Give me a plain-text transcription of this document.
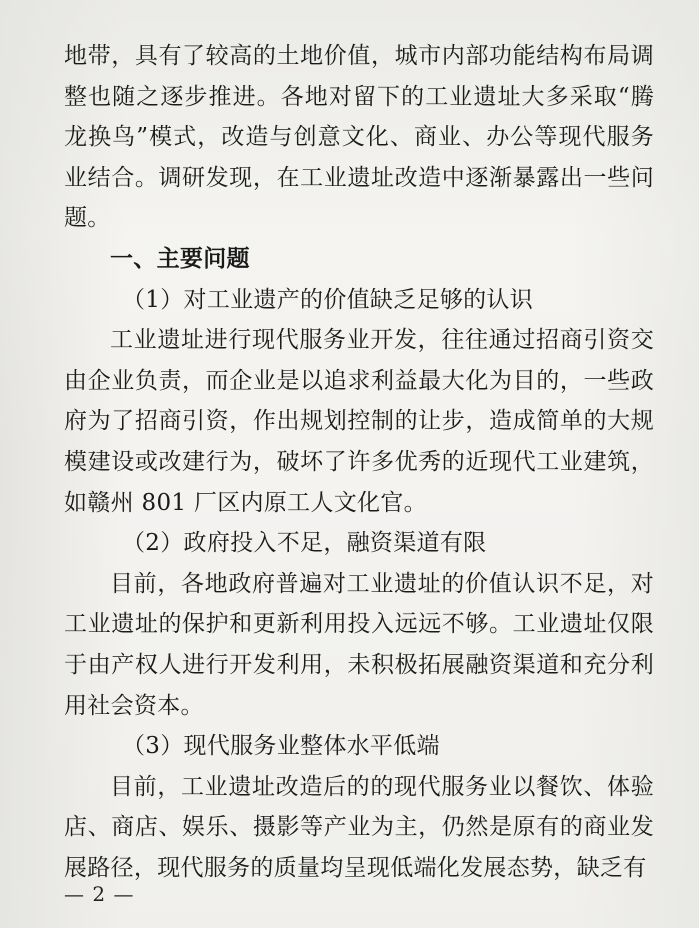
地带，具有了较高的土地价值，城市内部功能结构布局调整也随之逐步推进。各地对留下的工业遗址大多采取“腾龙换鸟”模式，改造与创意文化、商业、办公等现代服务业结合。调研发现，在工业遗址改造中逐渐暴露出一些问题。

一、主要问题

（1）对工业遗产的价值缺乏足够的认识

工业遗址进行现代服务业开发，往往通过招商引资交由企业负责，而企业是以追求利益最大化为目的，一些政府为了招商引资，作出规划控制的让步，造成简单的大规模建设或改建行为，破坏了许多优秀的近现代工业建筑，如赣州 801 厂区内原工人文化官。

（2）政府投入不足，融资渠道有限

目前，各地政府普遍对工业遗址的价值认识不足，对工业遗址的保护和更新利用投入远远不够。工业遗址仅限于由产权人进行开发利用，未积极拓展融资渠道和充分利用社会资本。

（3）现代服务业整体水平低端

目前，工业遗址改造后的的现代服务业以餐饮、体验店、商店、娱乐、摄影等产业为主，仍然是原有的商业发展路径，现代服务的质量均呈现低端化发展态势，缺乏有

— 2 —
